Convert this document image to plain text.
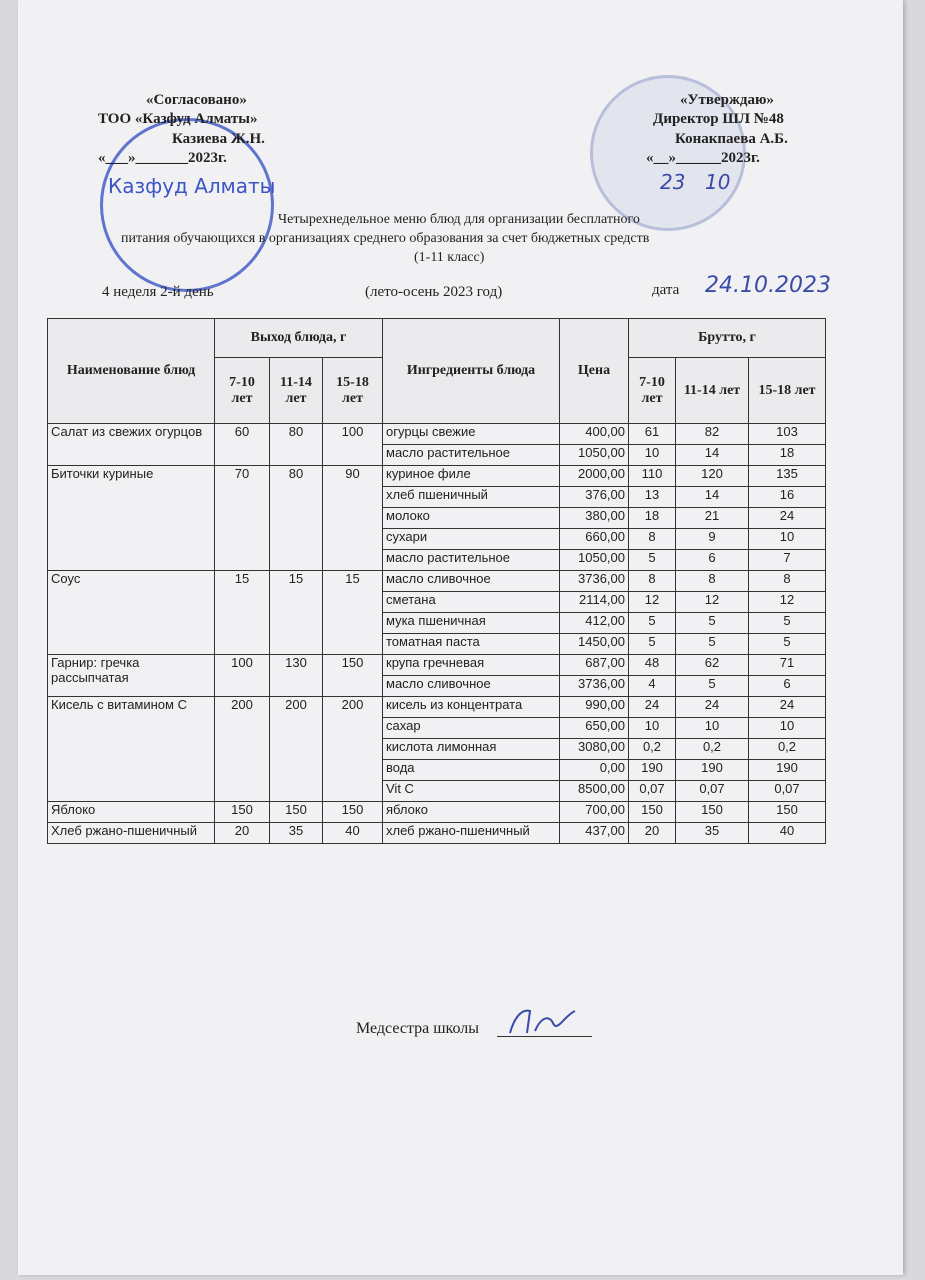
Казфуд Алматы
«Согласовано»
ТОО «Казфуд Алматы»
Казиева Ж.Н.
«___»_______2023г.
«Утверждаю»
Директор ШЛ №48
Конакпаева А.Б.
«__»______2023г.
23 10
Четырехнедельное меню блюд для организации бесплатного
питания обучающихся в организациях среднего образования за счет бюджетных средств
(1-11 класс)
4 неделя 2-й день	(лето-осень 2023 год)	дата 24.10.2023
Наименование блюд	Выход блюда, г			Ингредиенты блюда	Цена	Брутто, г		
	7-10 лет	11-14 лет	15-18 лет			7-10 лет	11-14 лет	15-18 лет
Салат из свежих огурцов	60	80	100	огурцы свежие	400,00	61	82	103
				масло растительное	1050,00	10	14	18
Биточки куриные	70	80	90	куриное филе	2000,00	110	120	135
				хлеб пшеничный	376,00	13	14	16
				молоко	380,00	18	21	24
				сухари	660,00	8	9	10
				масло растительное	1050,00	5	6	7
Соус	15	15	15	масло сливочное	3736,00	8	8	8
				сметана	2114,00	12	12	12
				мука пшеничная	412,00	5	5	5
				томатная паста	1450,00	5	5	5
Гарнир: гречка рассыпчатая	100	130	150	крупа гречневая	687,00	48	62	71
				масло сливочное	3736,00	4	5	6
Кисель с витамином С	200	200	200	кисель из концентрата	990,00	24	24	24
				сахар	650,00	10	10	10
				кислота лимонная	3080,00	0,2	0,2	0,2
				вода	0,00	190	190	190
				Vit C	8500,00	0,07	0,07	0,07
Яблоко	150	150	150	яблоко	700,00	150	150	150
Хлеб ржано-пшеничный	20	35	40	хлеб ржано-пшеничный	437,00	20	35	40
Медсестра школы
